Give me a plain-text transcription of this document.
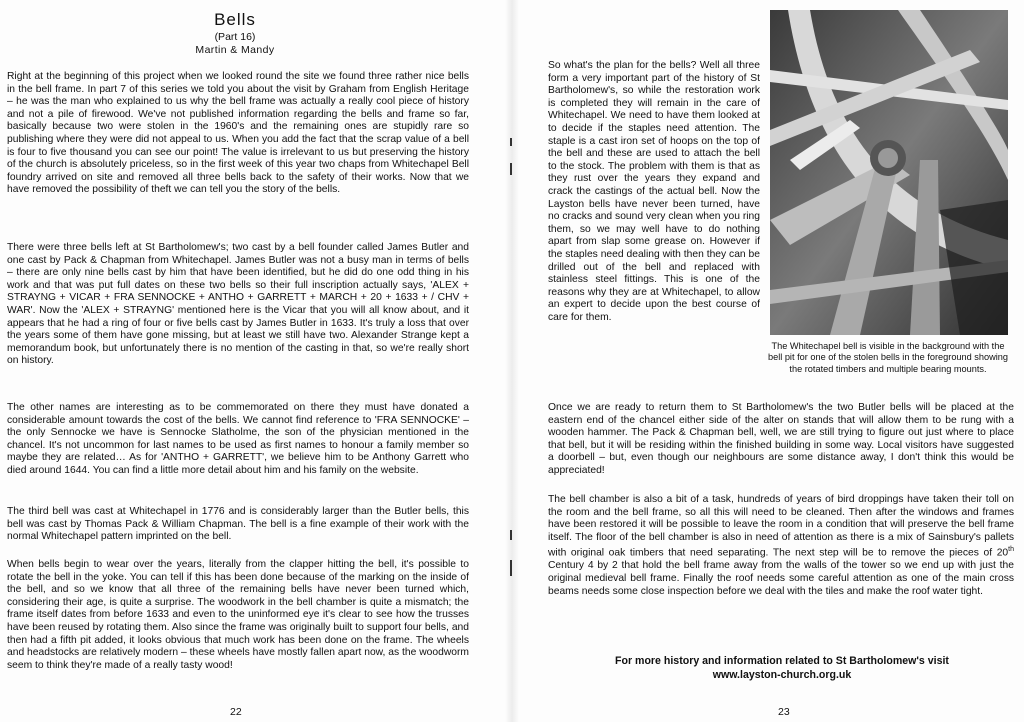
Bells
(Part 16)
Martin & Mandy

Right at the beginning of this project when we looked round the site we found three rather nice bells in the bell frame. In part 7 of this series we told you about the visit by Graham from English Heritage – he was the man who explained to us why the bell frame was actually a really cool piece of history and not a pile of firewood. We've not published information regarding the bells and frame so far, basically because two were stolen in the 1960's and the remaining ones are stupidly rare so publishing where they were did not appeal to us. When you add the fact that the scrap value of a bell is four to five thousand you can see our point! The value is irrelevant to us but preserving the history of the church is absolutely priceless, so in the first week of this year two chaps from Whitechapel Bell foundry arrived on site and removed all three bells back to the safety of their works. Now that we have removed the possibility of theft we can tell you the story of the bells.

There were three bells left at St Bartholomew's; two cast by a bell founder called James Butler and one cast by Pack & Chapman from Whitechapel. James Butler was not a busy man in terms of bells – there are only nine bells cast by him that have been identified, but he did do one odd thing in his work and that was put full dates on these two bells so their full inscription actually says, 'ALEX + STRAYNG + VICAR + FRA SENNOCKE + ANTHO + GARRETT + MARCH + 20 + 1633 + / CHV + WAR'. Now the 'ALEX + STRAYNG' mentioned here is the Vicar that you will all know about, and it appears that he had a ring of four or five bells cast by James Butler in 1633. It's truly a loss that over the years some of them have gone missing, but at least we still have two. Alexander Strange kept a memorandum book, but unfortunately there is no mention of the casting in that, so we're really short on history.

The other names are interesting as to be commemorated on there they must have donated a considerable amount towards the cost of the bells. We cannot find reference to 'FRA SENNOCKE' – the only Sennocke we have is Sennocke Slatholme, the son of the physician mentioned in the chancel. It's not uncommon for last names to be used as first names to honour a family member so maybe they are related… As for 'ANTHO + GARRETT', we believe him to be Anthony Garrett who died around 1644. You can find a little more detail about him and his family on the website.

The third bell was cast at Whitechapel in 1776 and is considerably larger than the Butler bells, this bell was cast by Thomas Pack & William Chapman. The bell is a fine example of their work with the normal Whitechapel pattern imprinted on the bell.

When bells begin to wear over the years, literally from the clapper hitting the bell, it's possible to rotate the bell in the yoke. You can tell if this has been done because of the marking on the inside of the bell, and so we know that all three of the remaining bells have never been turned which, considering their age, is quite a surprise. The woodwork in the bell chamber is quite a mismatch; the frame itself dates from before 1633 and even to the uninformed eye it's clear to see how the trusses have been reused by rotating them. Also since the frame was originally built to support four bells, and then had a fifth pit added, it looks obvious that much work has been done on the frame. The wheels and headstocks are relatively modern – these wheels have mostly fallen apart now, as the woodworm seem to think they're made of a really tasty wood!

22

So what's the plan for the bells? Well all three form a very important part of the history of St Bartholomew's, so while the restoration work is completed they will remain in the care of Whitechapel. We need to have them looked at to decide if the staples need attention. The staple is a cast iron set of hoops on the top of the bell and these are used to attach the bell to the stock. The problem with them is that as they rust over the years they expand and crack the castings of the actual bell. Now the Layston bells have never been turned, have no cracks and sound very clean when you ring them, so we may well have to do nothing apart from slap some grease on. However if the staples need dealing with then they can be drilled out of the bell and replaced with stainless steel fittings. This is one of the reasons why they are at Whitechapel, to allow an expert to decide upon the best course of care for them.

The Whitechapel bell is visible in the background with the bell pit for one of the stolen bells in the foreground showing the rotated timbers and multiple bearing mounts.

Once we are ready to return them to St Bartholomew's the two Butler bells will be placed at the eastern end of the chancel either side of the alter on stands that will allow them to be rung with a wooden hammer. The Pack & Chapman bell, well, we are still trying to figure out just where to place that bell, but it will be residing within the finished building in some way. Local visitors have suggested a doorbell – but, even though our neighbours are some distance away, I don't think this would be appreciated!

The bell chamber is also a bit of a task, hundreds of years of bird droppings have taken their toll on the room and the bell frame, so all this will need to be cleaned. Then after the windows and frames have been restored it will be possible to leave the room in a condition that will preserve the bell frame itself. The floor of the bell chamber is also in need of attention as there is a mix of Sainsbury's pallets with original oak timbers that need separating. The next step will be to remove the pieces of 20th Century 4 by 2 that hold the bell frame away from the walls of the tower so we end up with just the original medieval bell frame. Finally the roof needs some careful attention as one of the main cross beams needs some close inspection before we deal with the tiles and make the roof water tight.

For more history and information related to St Bartholomew's visit
www.layston-church.org.uk
23
